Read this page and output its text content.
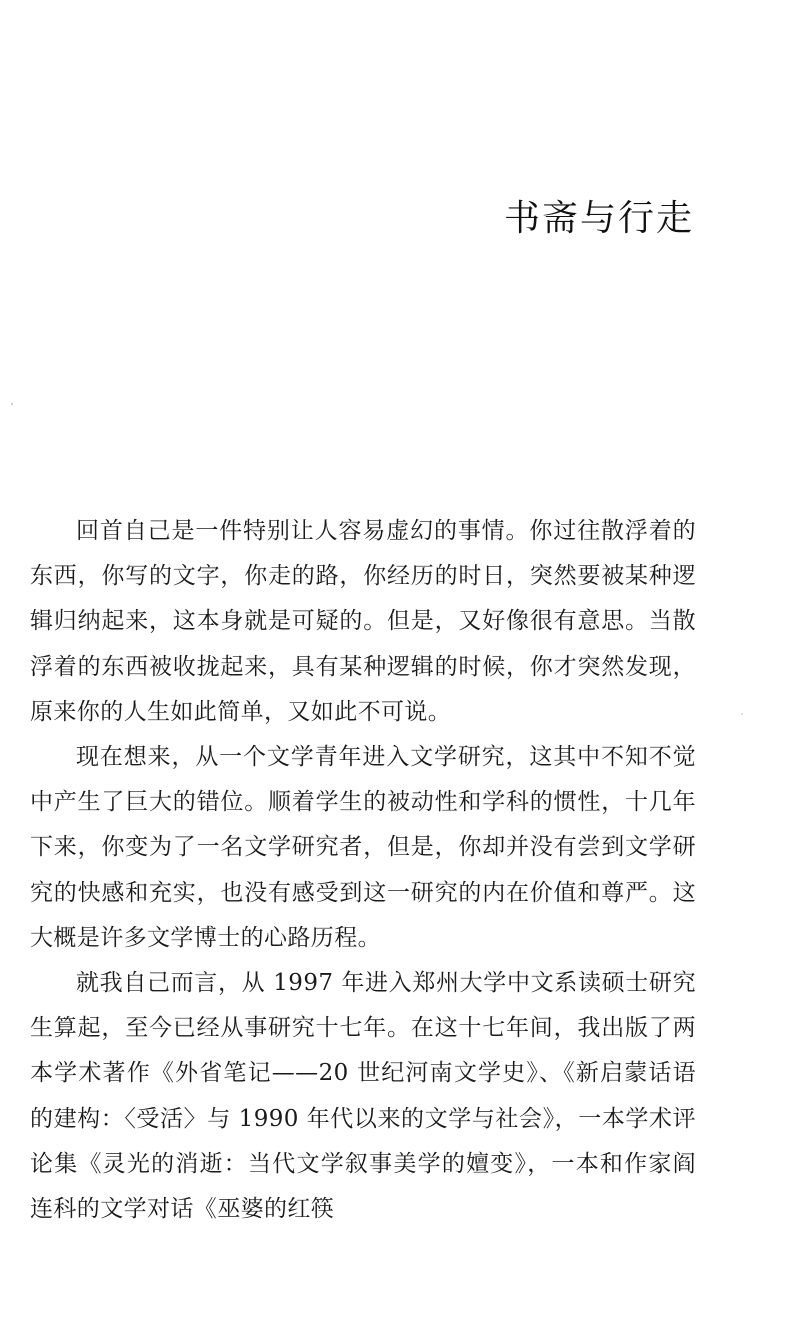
书斋与行走

回首自己是一件特别让人容易虚幻的事情。你过往散浮着的东西，你写的文字，你走的路，你经历的时日，突然要被某种逻辑归纳起来，这本身就是可疑的。但是，又好像很有意思。当散浮着的东西被收拢起来，具有某种逻辑的时候，你才突然发现，原来你的人生如此简单，又如此不可说。

现在想来，从一个文学青年进入文学研究，这其中不知不觉中产生了巨大的错位。顺着学生的被动性和学科的惯性，十几年下来，你变为了一名文学研究者，但是，你却并没有尝到文学研究的快感和充实，也没有感受到这一研究的内在价值和尊严。这大概是许多文学博士的心路历程。

就我自己而言，从 1997 年进入郑州大学中文系读硕士研究生算起，至今已经从事研究十七年。在这十七年间，我出版了两本学术著作《外省笔记——20 世纪河南文学史》、《新启蒙话语的建构：〈受活〉与 1990 年代以来的文学与社会》，一本学术评论集《灵光的消逝：当代文学叙事美学的嬗变》，一本和作家阎连科的文学对话《巫婆的红筷
